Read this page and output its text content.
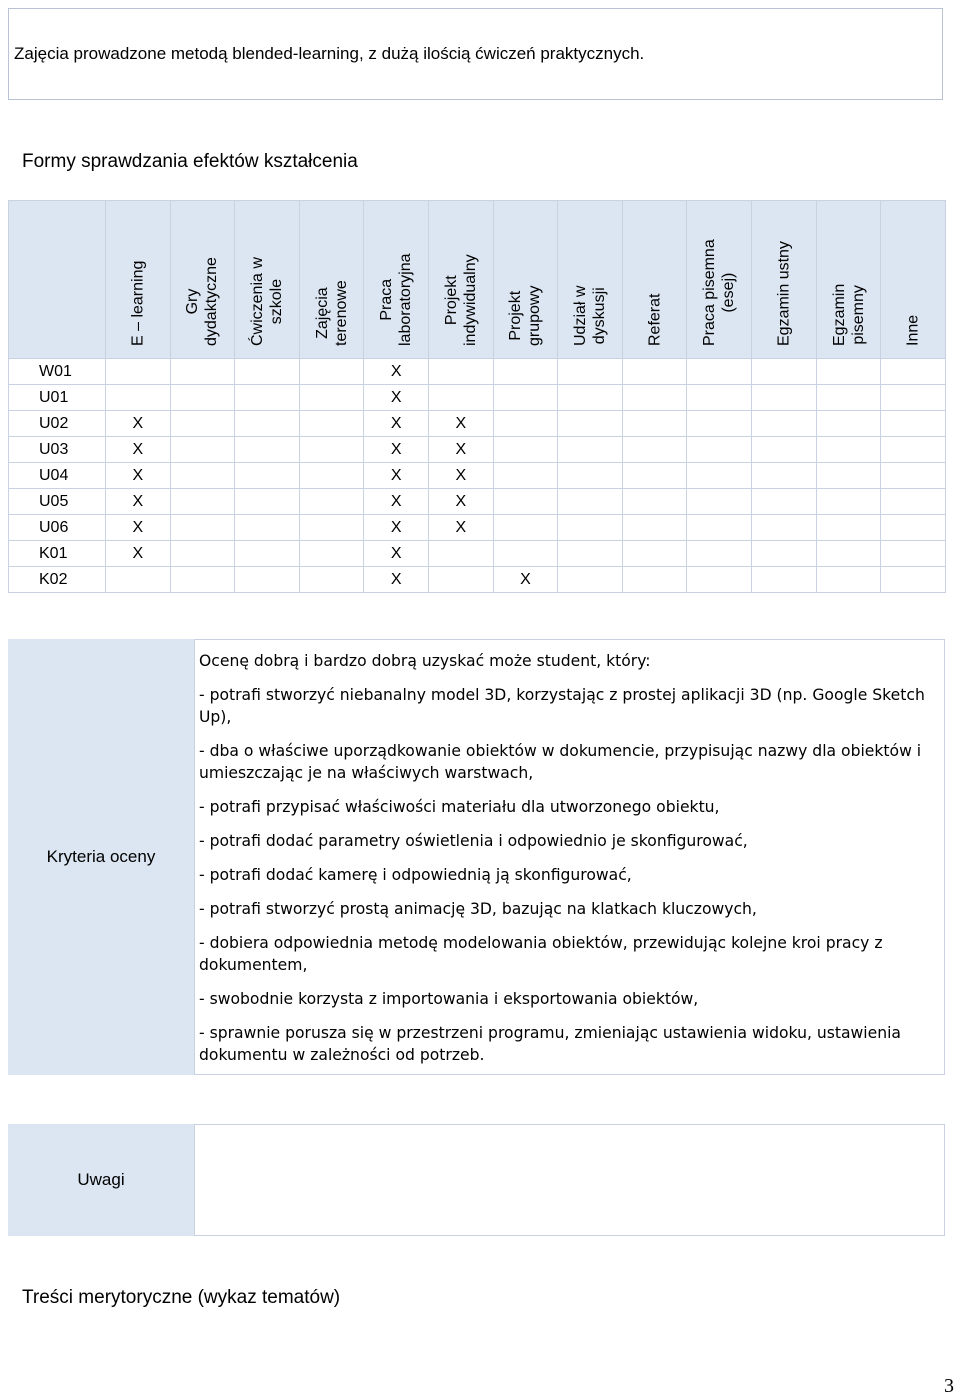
Zajęcia prowadzone metodą blended-learning, z dużą ilością ćwiczeń praktycznych.
Formy sprawdzania efektów kształcenia

	E – learning	Gry dydaktyczne	Ćwiczenia w szkole	Zajęcia terenowe	Praca laboratoryjna	Projekt indywidualny	Projekt grupowy	Udział w dyskusji	Referat	Praca pisemna (esej)	Egzamin ustny	Egzamin pisemny	Inne

W01					X								
U01					X								
U02	X				X	X							
U03	X				X	X							
U04	X				X	X							
U05	X				X	X							
U06	X				X	X							
K01	X				X								
K02					X		X						
Kryteria oceny

Ocenę dobrą i bardzo dobrą uzyskać może student, który:

- potrafi stworzyć niebanalny model 3D, korzystając z prostej aplikacji 3D (np. Google Sketch Up),

- dba o właściwe uporządkowanie obiektów w dokumencie, przypisując nazwy dla obiektów i umieszczając je na właściwych warstwach,

- potrafi przypisać właściwości materiału dla utworzonego obiektu,

- potrafi dodać parametry oświetlenia i odpowiednio je skonfigurować,

- potrafi dodać kamerę i odpowiednią ją skonfigurować,

- potrafi stworzyć prostą animację 3D, bazując na klatkach kluczowych,

- dobiera odpowiednia metodę modelowania obiektów, przewidując kolejne kroi pracy z dokumentem,

- swobodnie korzysta z importowania i eksportowania obiektów,

- sprawnie porusza się w przestrzeni programu, zmieniając ustawienia widoku, ustawienia dokumentu w zależności od potrzeb.

Uwagi
Treści merytoryczne (wykaz tematów)
3
